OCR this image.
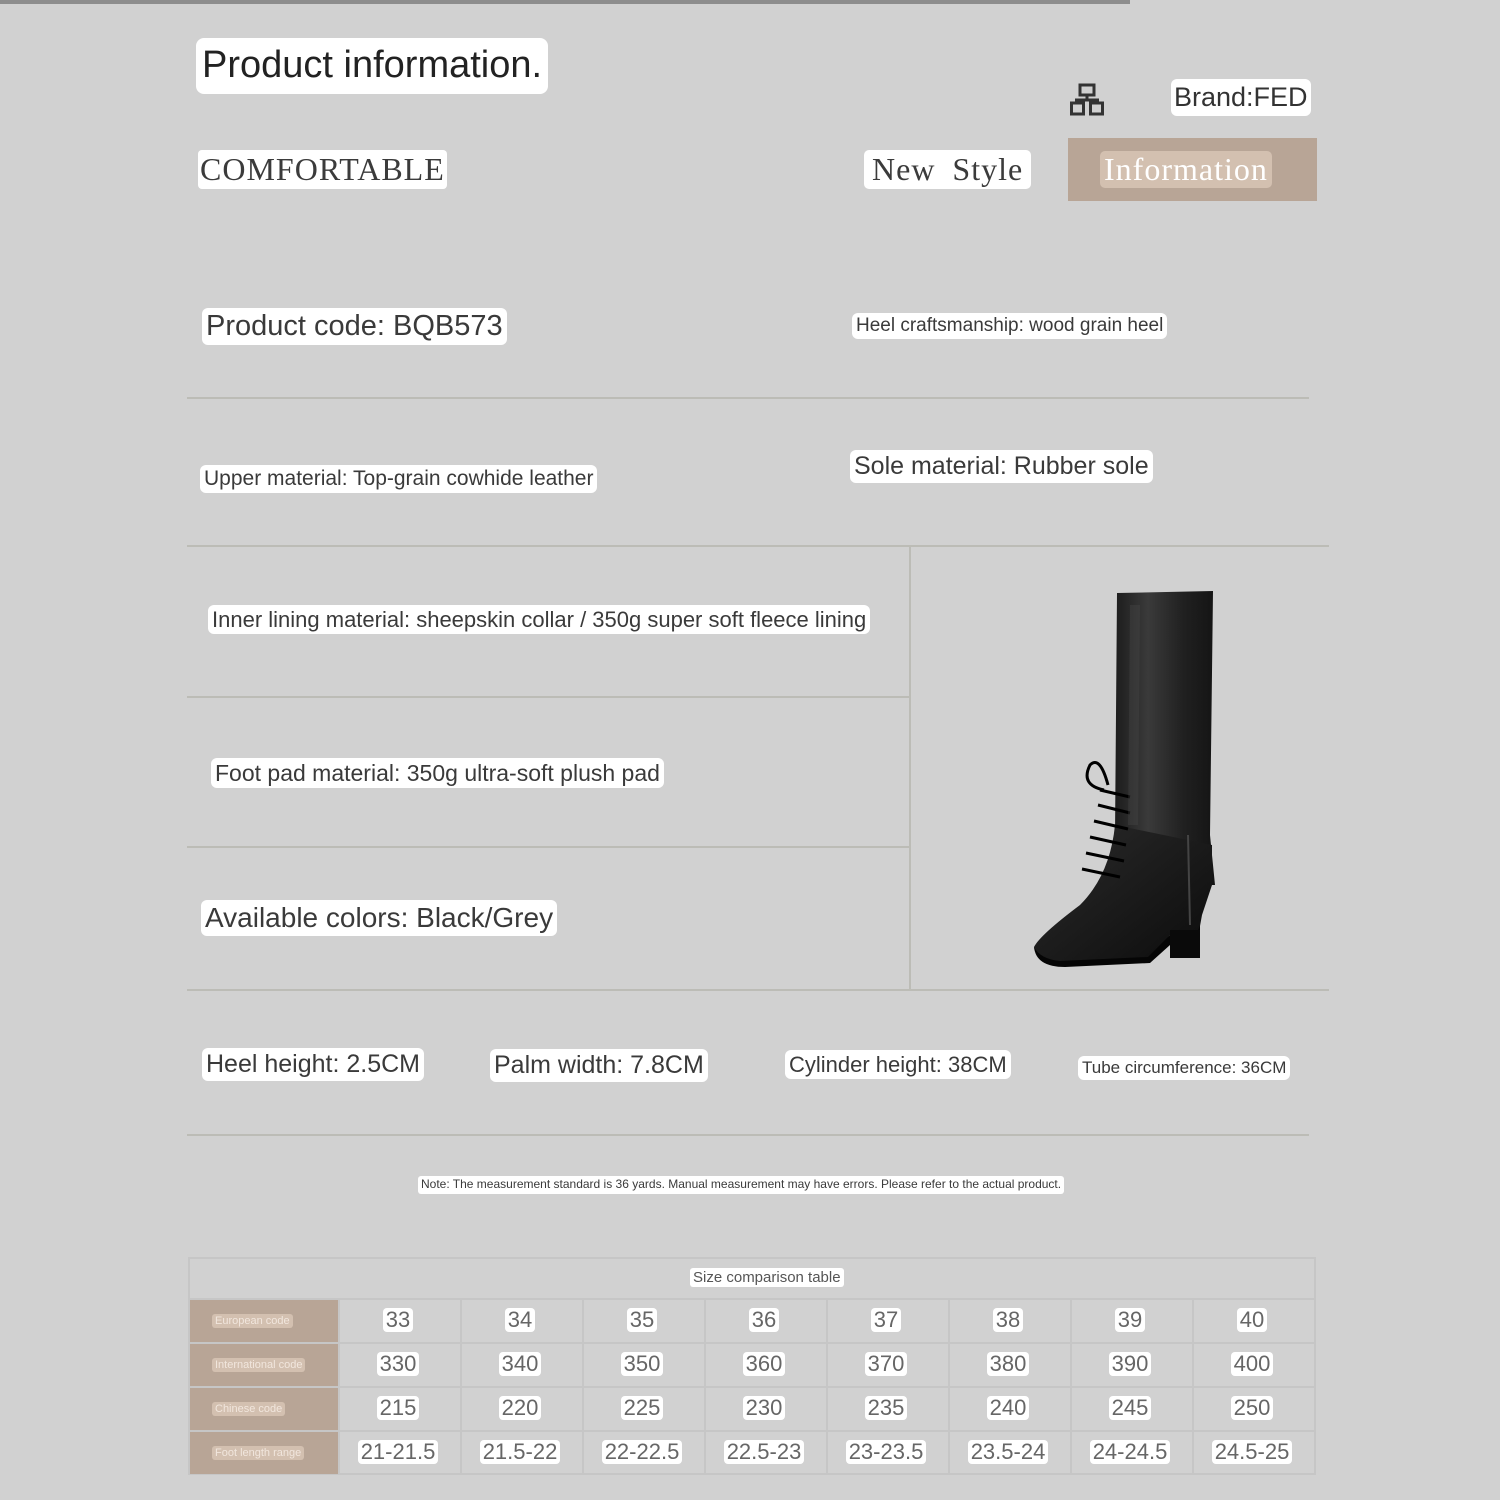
Product information.
Brand:FED
COMFORTABLE	New Style	Information
Product code: BQB573	Heel craftsmanship: wood grain heel
Upper material: Top-grain cowhide leather	Sole material: Rubber sole
Inner lining material: sheepskin collar / 350g super soft fleece lining
Foot pad material: 350g ultra-soft plush pad
Available colors: Black/Grey
Heel height: 2.5CM	Palm width: 7.8CM	Cylinder height: 38CM	Tube circumference: 36CM
Note: The measurement standard is 36 yards. Manual measurement may have errors. Please refer to the actual product.
Size comparison table
European code	33	34	35	36	37	38	39	40
International code	330	340	350	360	370	380	390	400
Chinese code	215	220	225	230	235	240	245	250
Foot length range	21-21.5	21.5-22	22-22.5	22.5-23	23-23.5	23.5-24	24-24.5	24.5-25
